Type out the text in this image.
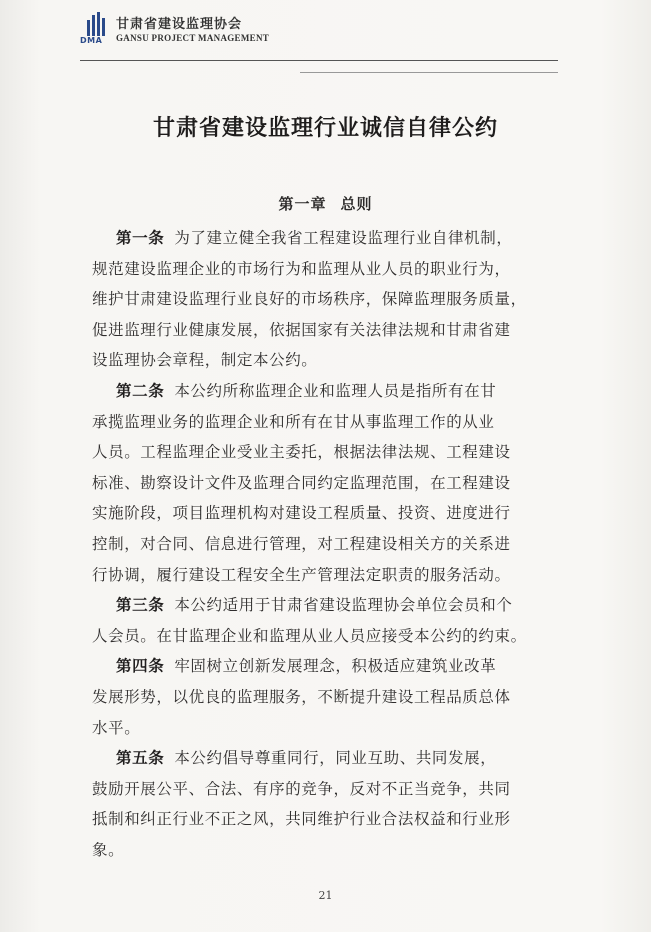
DMA
甘肃省建设监理协会
GANSU PROJECT MANAGEMENT
甘肃省建设监理行业诚信自律公约
第一章 总则
第一条 为了建立健全我省工程建设监理行业自律机制，
规范建设监理企业的市场行为和监理从业人员的职业行为，
维护甘肃建设监理行业良好的市场秩序，保障监理服务质量，
促进监理行业健康发展，依据国家有关法律法规和甘肃省建
设监理协会章程，制定本公约。
第二条 本公约所称监理企业和监理人员是指所有在甘
承揽监理业务的监理企业和所有在甘从事监理工作的从业
人员。工程监理企业受业主委托，根据法律法规、工程建设
标准、勘察设计文件及监理合同约定监理范围，在工程建设
实施阶段，项目监理机构对建设工程质量、投资、进度进行
控制，对合同、信息进行管理，对工程建设相关方的关系进
行协调，履行建设工程安全生产管理法定职责的服务活动。
第三条 本公约适用于甘肃省建设监理协会单位会员和个
人会员。在甘监理企业和监理从业人员应接受本公约的约束。
第四条 牢固树立创新发展理念，积极适应建筑业改革
发展形势，以优良的监理服务，不断提升建设工程品质总体
水平。
第五条 本公约倡导尊重同行，同业互助、共同发展，
鼓励开展公平、合法、有序的竞争，反对不正当竞争，共同
抵制和纠正行业不正之风，共同维护行业合法权益和行业形
象。
21
